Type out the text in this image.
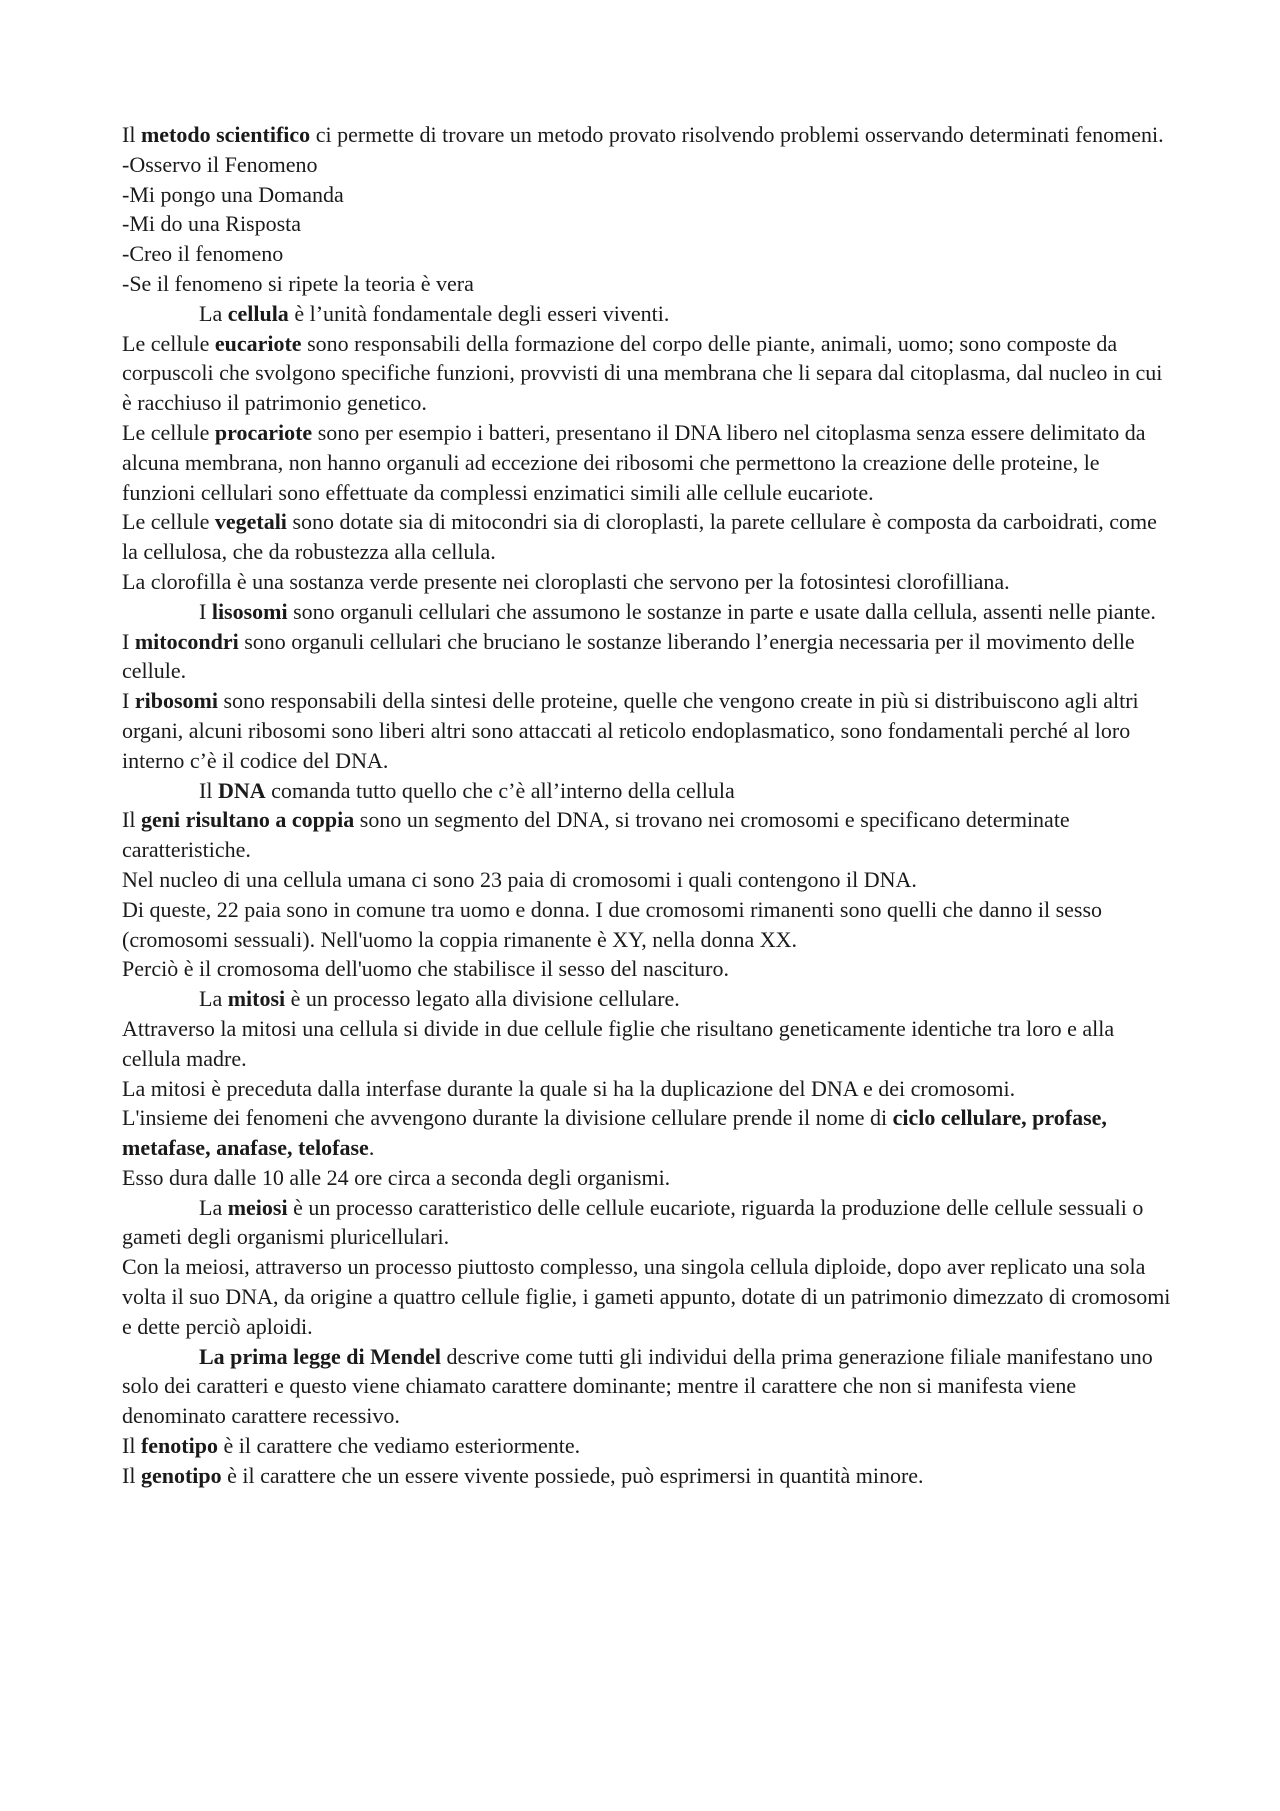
Il metodo scientifico ci permette di trovare un metodo provato risolvendo problemi osservando determinati fenomeni.

-Osservo il Fenomeno

-Mi pongo una Domanda

-Mi do una Risposta

-Creo il fenomeno

-Se il fenomeno si ripete la teoria è vera

La cellula è l’unità fondamentale degli esseri viventi.

Le cellule eucariote sono responsabili della formazione del corpo delle piante, animali, uomo; sono composte da corpuscoli che svolgono specifiche funzioni, provvisti di una membrana che li separa dal citoplasma, dal nucleo in cui è racchiuso il patrimonio genetico.

Le cellule procariote sono per esempio i batteri, presentano il DNA libero nel citoplasma senza essere delimitato da alcuna membrana, non hanno organuli ad eccezione dei ribosomi che permettono la creazione delle proteine, le funzioni cellulari sono effettuate da complessi enzimatici simili alle cellule eucariote.

Le cellule vegetali sono dotate sia di mitocondri sia di cloroplasti, la parete cellulare è composta da carboidrati, come la cellulosa, che da robustezza alla cellula.

La clorofilla è una sostanza verde presente nei cloroplasti che servono per la fotosintesi clorofilliana.

I lisosomi sono organuli cellulari che assumono le sostanze in parte e usate dalla cellula, assenti nelle piante.

I mitocondri sono organuli cellulari che bruciano le sostanze liberando l’energia necessaria per il movimento delle cellule.

I ribosomi sono responsabili della sintesi delle proteine, quelle che vengono create in più si distribuiscono agli altri organi, alcuni ribosomi sono liberi altri sono attaccati al reticolo endoplasmatico, sono fondamentali perché al loro interno c’è il codice del DNA.

Il DNA comanda tutto quello che c’è all’interno della cellula

Il geni risultano a coppia sono un segmento del DNA, si trovano nei cromosomi e specificano determinate caratteristiche.

Nel nucleo di una cellula umana ci sono 23 paia di cromosomi i quali contengono il DNA.

Di queste, 22 paia sono in comune tra uomo e donna. I due cromosomi rimanenti sono quelli che danno il sesso (cromosomi sessuali). Nell'uomo la coppia rimanente è XY, nella donna XX.

Perciò è il cromosoma dell'uomo che stabilisce il sesso del nascituro.

La mitosi è un processo legato alla divisione cellulare.

Attraverso la mitosi una cellula si divide in due cellule figlie che risultano geneticamente identiche tra loro e alla cellula madre.

La mitosi è preceduta dalla interfase durante la quale si ha la duplicazione del DNA e dei cromosomi.

L'insieme dei fenomeni che avvengono durante la divisione cellulare prende il nome di ciclo cellulare, profase, metafase, anafase, telofase.

Esso dura dalle 10 alle 24 ore circa a seconda degli organismi.

La meiosi è un processo caratteristico delle cellule eucariote, riguarda la produzione delle cellule sessuali o gameti degli organismi pluricellulari.

Con la meiosi, attraverso un processo piuttosto complesso, una singola cellula diploide, dopo aver replicato una sola volta il suo DNA, da origine a quattro cellule figlie, i gameti appunto, dotate di un patrimonio dimezzato di cromosomi e dette perciò aploidi.

La prima legge di Mendel descrive come tutti gli individui della prima generazione filiale manifestano uno solo dei caratteri e questo viene chiamato carattere dominante; mentre il carattere che non si manifesta viene denominato carattere recessivo.

Il fenotipo è il carattere che vediamo esteriormente.

Il genotipo è il carattere che un essere vivente possiede, può esprimersi in quantità minore.
